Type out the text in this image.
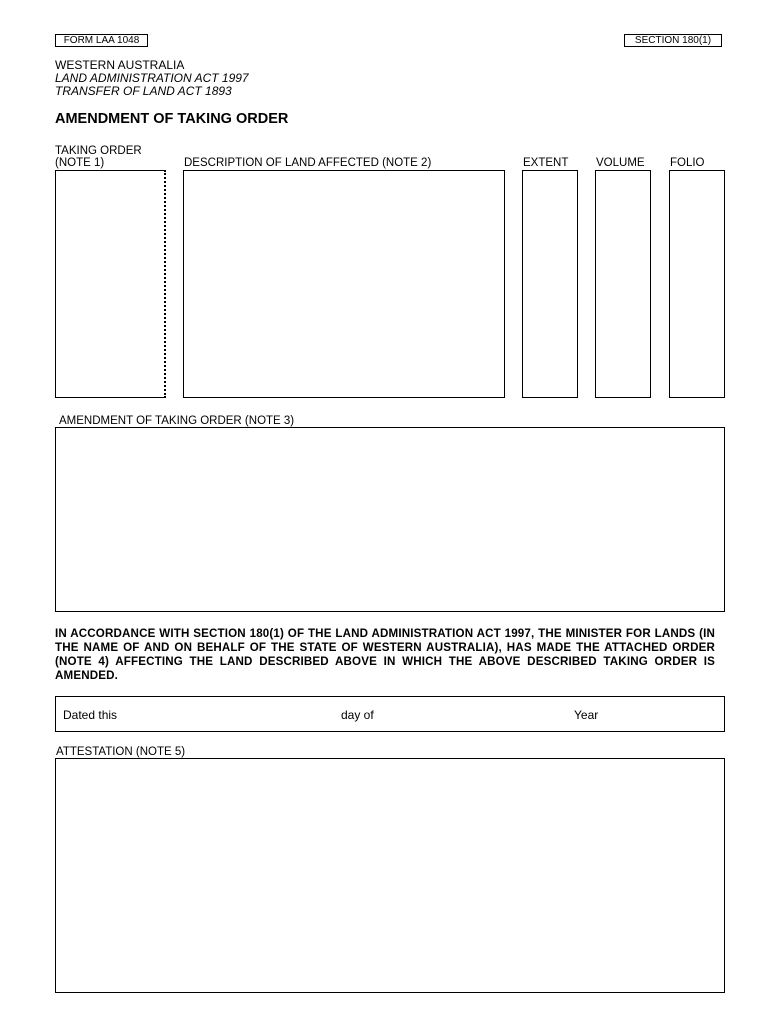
FORM LAA 1048	SECTION 180(1)
WESTERN AUSTRALIA
LAND ADMINISTRATION ACT 1997
TRANSFER OF LAND ACT 1893
AMENDMENT OF TAKING ORDER
TAKING ORDER
(NOTE 1)	DESCRIPTION OF LAND AFFECTED (NOTE 2)	EXTENT VOLUME FOLIO
AMENDMENT OF TAKING ORDER (NOTE 3)
IN ACCORDANCE WITH SECTION 180(1) OF THE LAND ADMINISTRATION ACT 1997, THE MINISTER FOR LANDS (IN THE NAME OF AND ON BEHALF OF THE STATE OF WESTERN AUSTRALIA), HAS MADE THE ATTACHED ORDER (NOTE 4) AFFECTING THE LAND DESCRIBED ABOVE IN WHICH THE ABOVE DESCRIBED TAKING ORDER IS AMENDED.
Dated this	day of	Year
ATTESTATION (NOTE 5)
